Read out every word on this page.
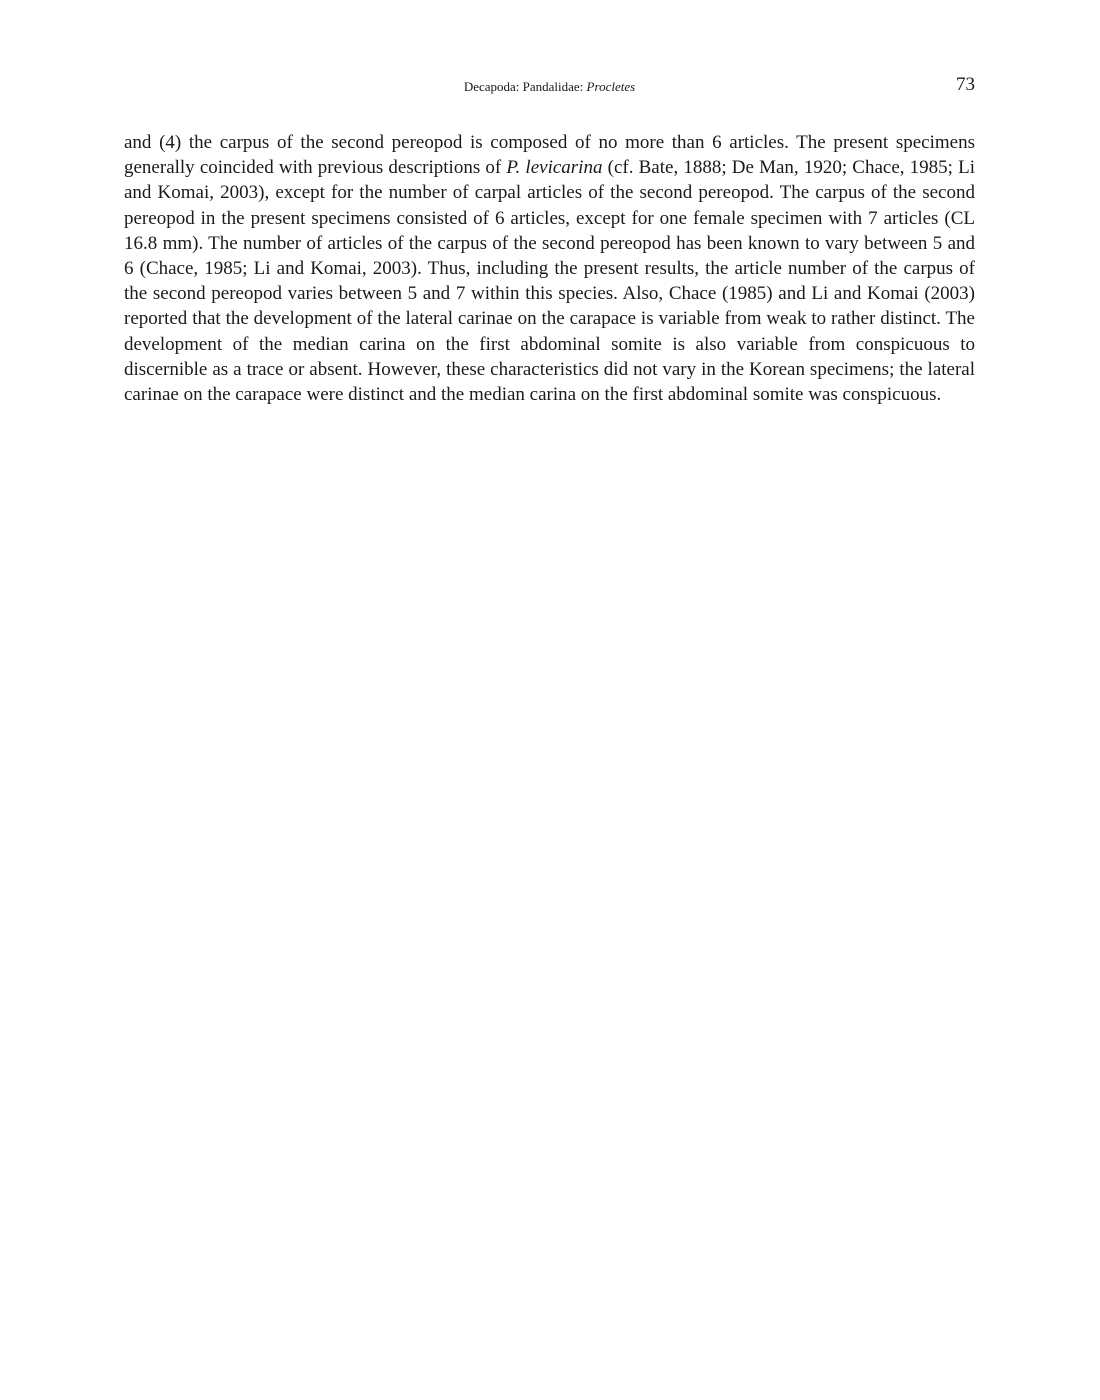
Decapoda: Pandalidae: Procletes	73

and (4) the carpus of the second pereopod is composed of no more than 6 articles. The present specimens generally coincided with previous descriptions of P. levicarina (cf. Bate, 1888; De Man, 1920; Chace, 1985; Li and Komai, 2003), except for the number of carpal articles of the second pereopod. The carpus of the second pereopod in the present specimens consisted of 6 articles, except for one female specimen with 7 articles (CL 16.8 mm). The number of articles of the carpus of the second pereopod has been known to vary between 5 and 6 (Chace, 1985; Li and Komai, 2003). Thus, including the present results, the article number of the carpus of the second pereopod varies between 5 and 7 within this species. Also, Chace (1985) and Li and Komai (2003) reported that the development of the lateral carinae on the carapace is variable from weak to rather distinct. The development of the median carina on the first abdominal somite is also variable from conspicuous to discernible as a trace or absent. However, these characteristics did not vary in the Korean specimens; the lateral carinae on the carapace were distinct and the median carina on the first abdominal somite was conspicuous.
